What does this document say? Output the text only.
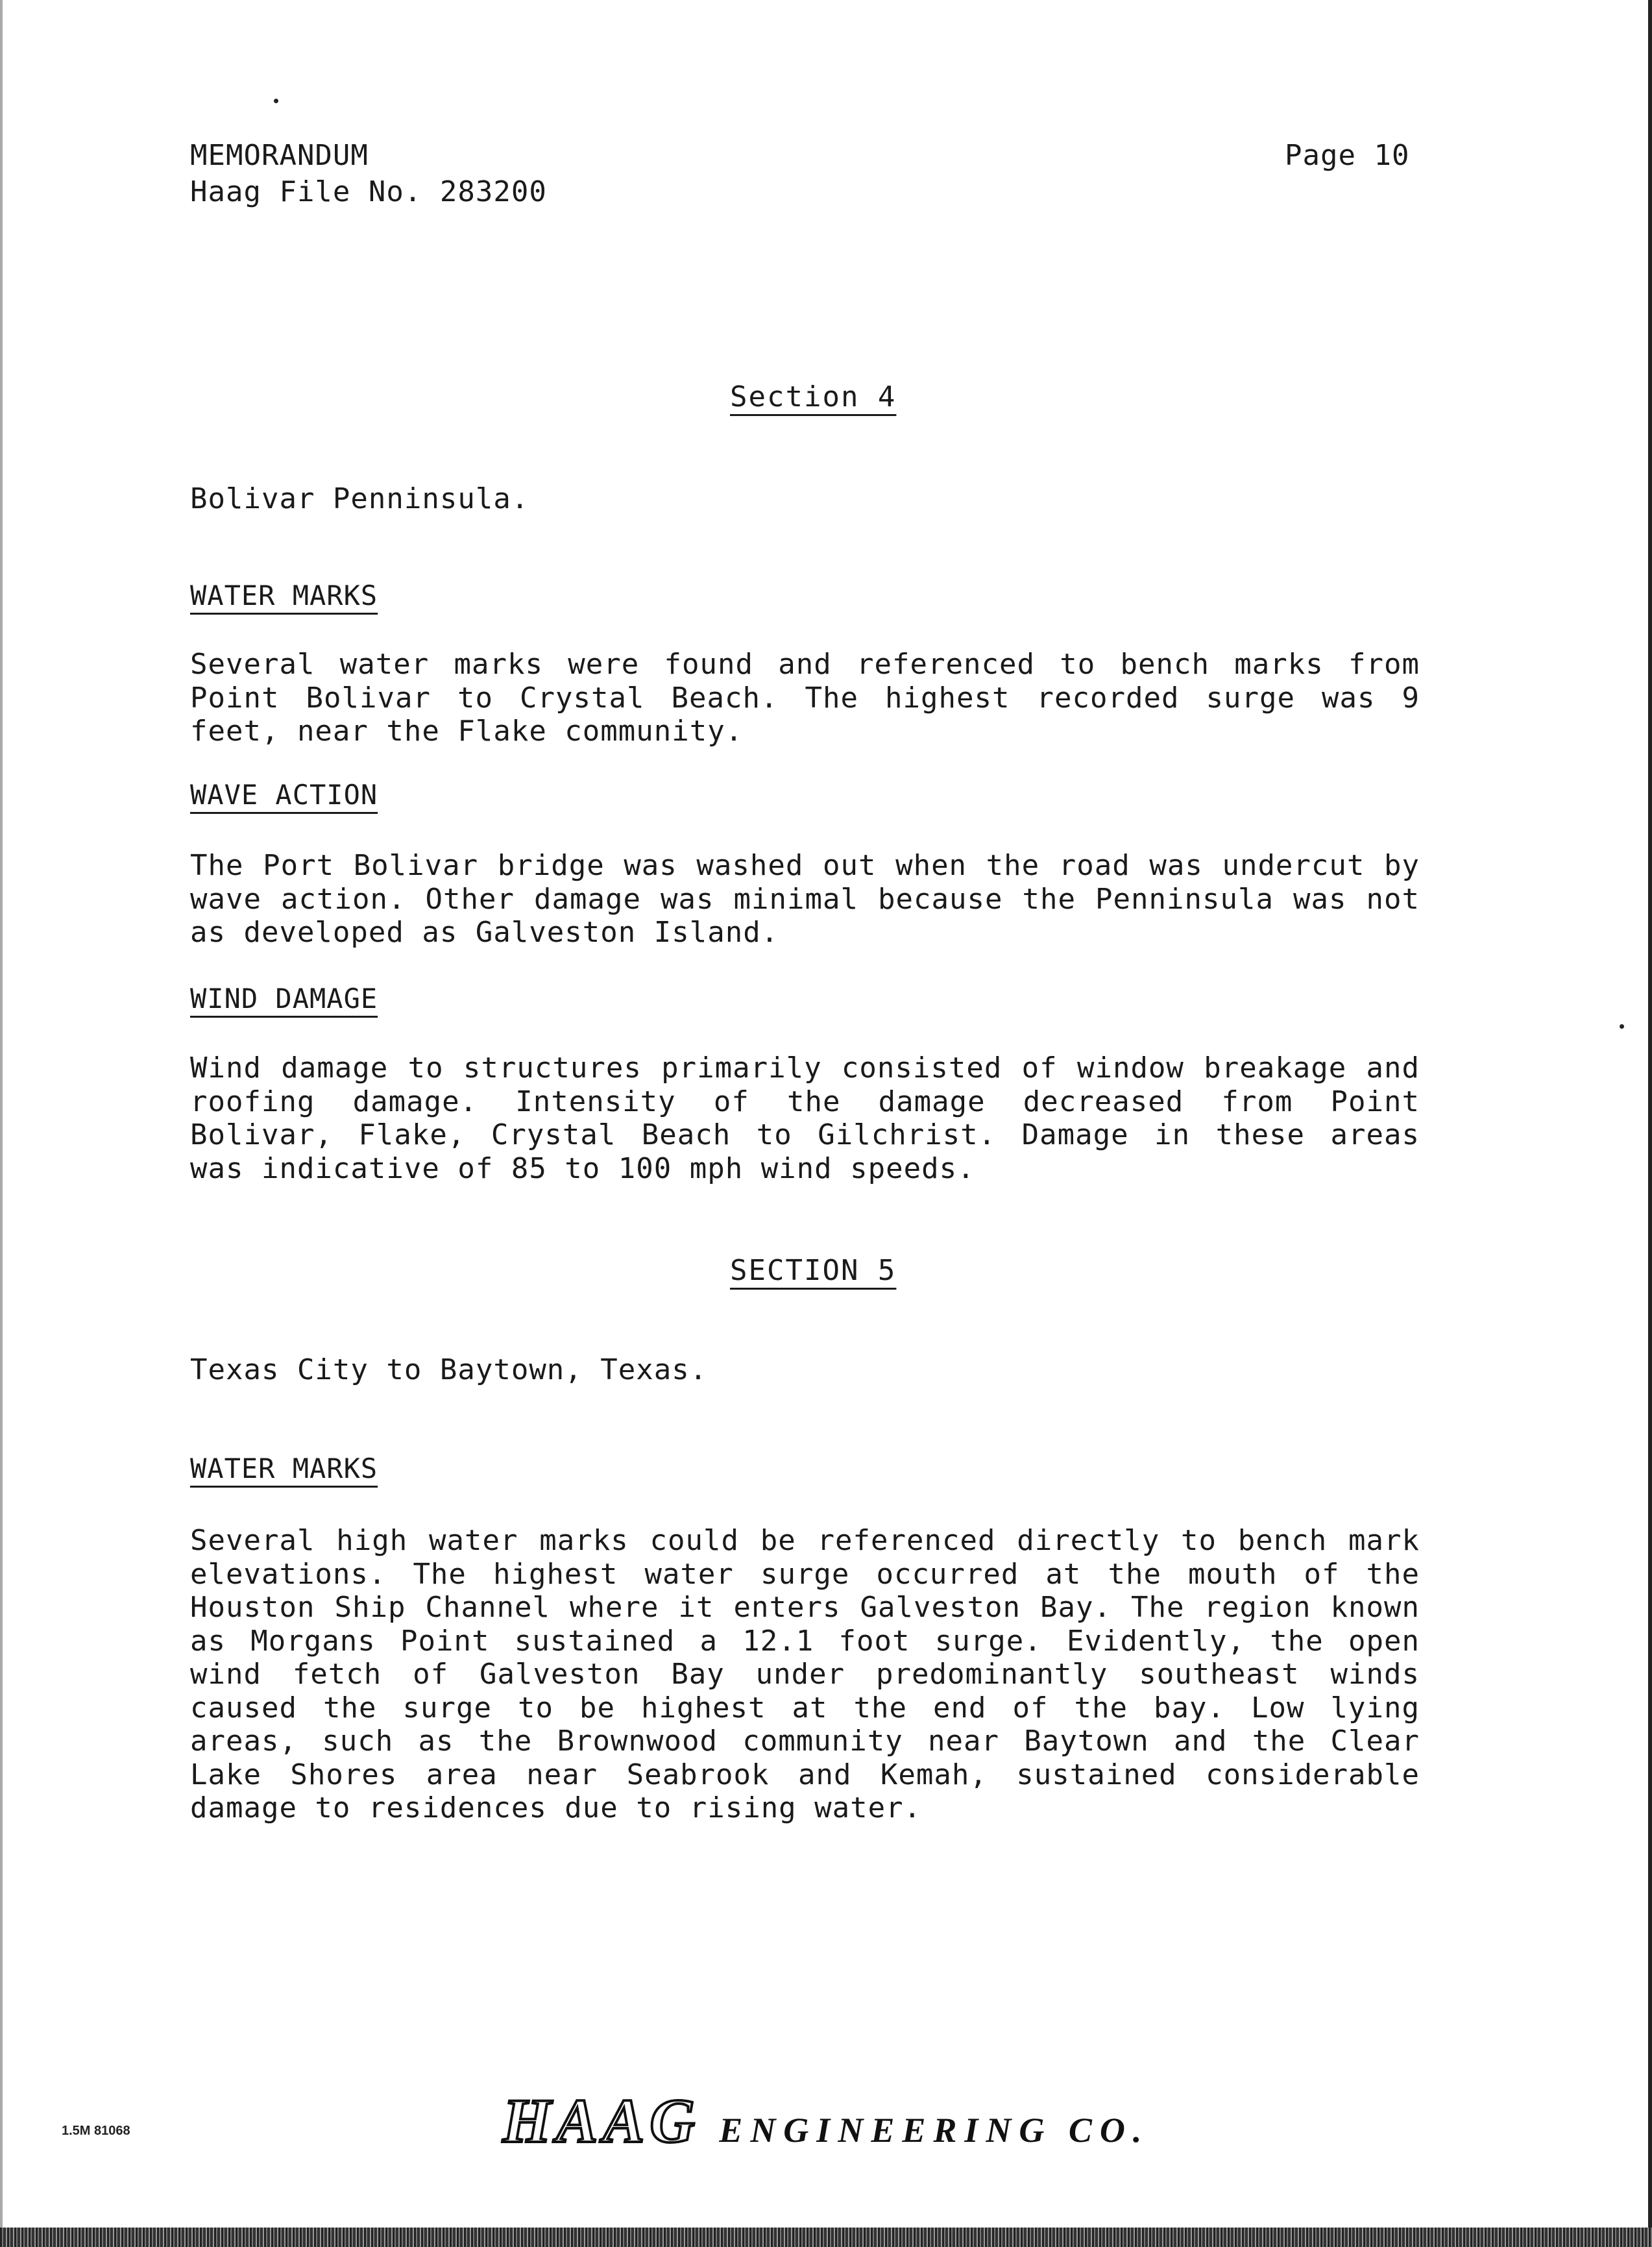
MEMORANDUM
Haag File No. 283200
Page 10
Section 4
Bolivar Penninsula.
WATER MARKS

Several water marks were found and referenced to bench marks from Point Bolivar to Crystal Beach. The highest recorded surge was 9 feet, near the Flake community.

WAVE ACTION

The Port Bolivar bridge was washed out when the road was undercut by wave action. Other damage was minimal because the Penninsula was not as developed as Galveston Island.

WIND DAMAGE

Wind damage to structures primarily consisted of window breakage and roofing damage. Intensity of the damage decreased from Point Bolivar, Flake, Crystal Beach to Gilchrist. Damage in these areas was indicative of 85 to 100 mph wind speeds.

SECTION 5
Texas City to Baytown, Texas.
WATER MARKS

Several high water marks could be referenced directly to bench mark elevations. The highest water surge occurred at the mouth of the Houston Ship Channel where it enters Galveston Bay. The region known as Morgans Point sustained a 12.1 foot surge. Evidently, the open wind fetch of Galveston Bay under predominantly southeast winds caused the surge to be highest at the end of the bay. Low lying areas, such as the Brownwood community near Baytown and the Clear Lake Shores area near Seabrook and Kemah, sustained considerable damage to residences due to rising water.

1.5M 81068	HAAG ENGINEERING CO.
